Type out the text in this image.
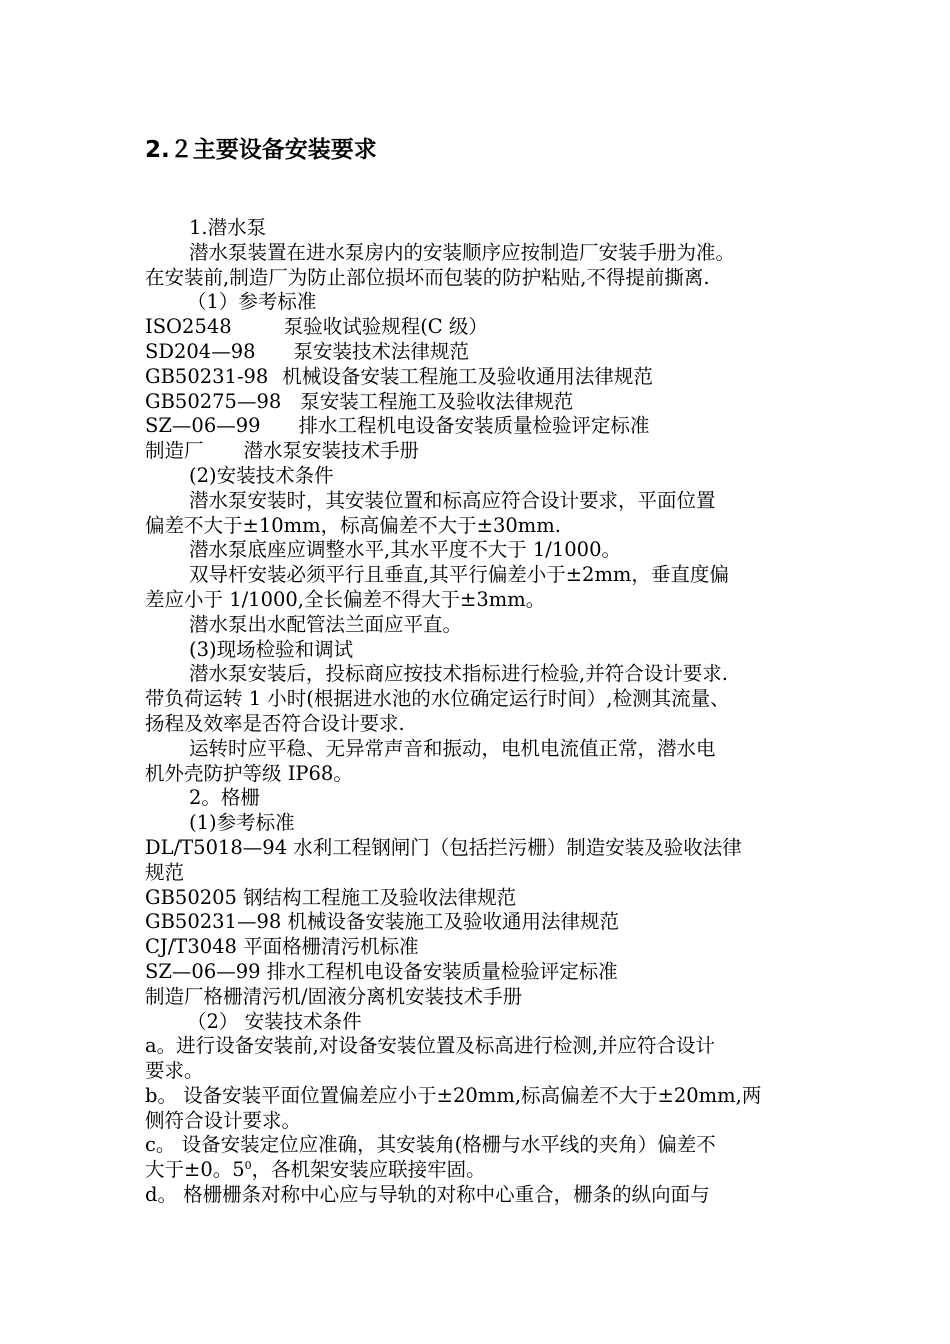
2.２主要设备安装要求
1.潜水泵
潜水泵装置在进水泵房内的安装顺序应按制造厂安装手册为准。
在安装前,制造厂为防止部位损坏而包装的防护粘贴,不得提前撕离.
（1）参考标准
ISO2548	泵验收试验规程(C 级）
SD204—98 泵安装技术法律规范
GB50231-98 机械设备安装工程施工及验收通用法律规范
GB50275—98 泵安装工程施工及验收法律规范
SZ—06—99 排水工程机电设备安装质量检验评定标准
制造厂 潜水泵安装技术手册
(2)安装技术条件
潜水泵安装时，其安装位置和标高应符合设计要求，平面位置
偏差不大于±10mm，标高偏差不大于±30mm.
潜水泵底座应调整水平,其水平度不大于 1/1000。
双导杆安装必须平行且垂直,其平行偏差小于±2mm，垂直度偏
差应小于 1/1000,全长偏差不得大于±3mm。
潜水泵出水配管法兰面应平直。
(3)现场检验和调试
潜水泵安装后，投标商应按技术指标进行检验,并符合设计要求.
带负荷运转 1 小时(根据进水池的水位确定运行时间）,检测其流量、
扬程及效率是否符合设计要求.
运转时应平稳、无异常声音和振动，电机电流值正常，潜水电
机外壳防护等级 IP68。
2。格栅
(1)参考标准
DL/T5018—94 水利工程钢闸门（包括拦污栅）制造安装及验收法律
规范
GB50205 钢结构工程施工及验收法律规范
GB50231—98 机械设备安装施工及验收通用法律规范
CJ/T3048 平面格栅清污机标准
SZ—06—99 排水工程机电设备安装质量检验评定标准
制造厂格栅清污机/固液分离机安装技术手册
（2） 安装技术条件
a。进行设备安装前,对设备安装位置及标高进行检测,并应符合设计
要求。
b。 设备安装平面位置偏差应小于±20mm,标高偏差不大于±20mm,两
侧符合设计要求。
c。 设备安装定位应准确，其安装角(格栅与水平线的夹角）偏差不
大于±0。$5^0$，各机架安装应联接牢固。
d。 格栅栅条对称中心应与导轨的对称中心重合，栅条的纵向面与
